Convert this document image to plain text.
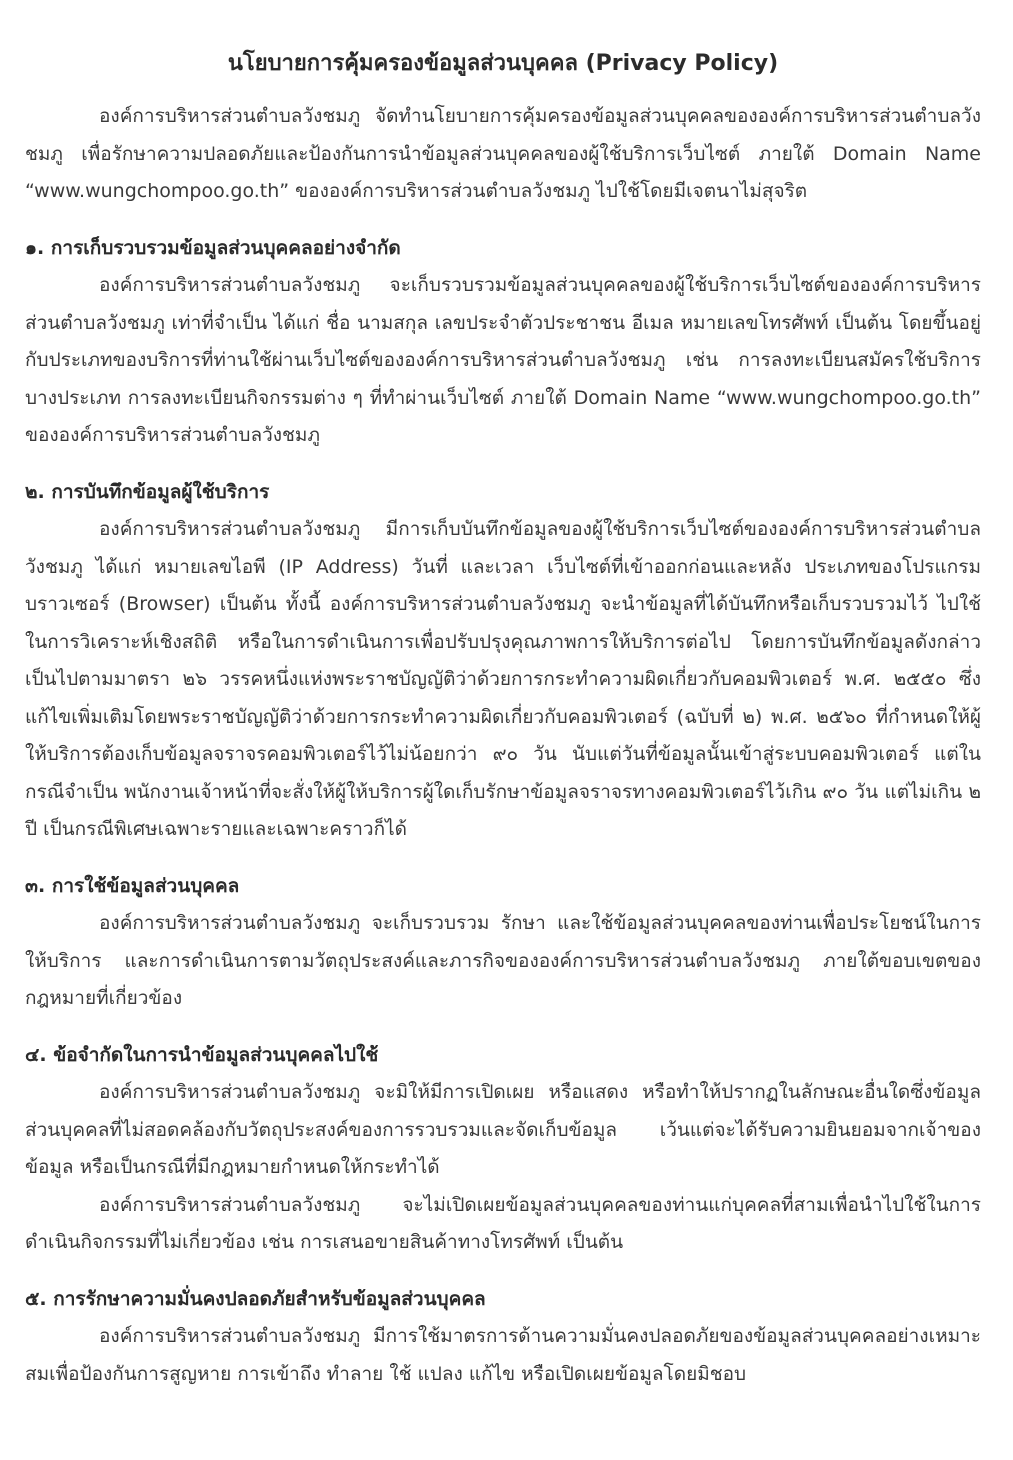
นโยบายการคุ้มครองข้อมูลส่วนบุคคล (Privacy Policy)

องค์การบริหารส่วนตำบลวังชมภู จัดทำนโยบายการคุ้มครองข้อมูลส่วนบุคคลขององค์การบริหารส่วนตำบลวังชมภู เพื่อรักษาความปลอดภัยและป้องกันการนำข้อมูลส่วนบุคคลของผู้ใช้บริการเว็บไซต์ ภายใต้ Domain Name “www.wungchompoo.go.th” ขององค์การบริหารส่วนตำบลวังชมภู ไปใช้โดยมีเจตนาไม่สุจริต

๑. การเก็บรวบรวมข้อมูลส่วนบุคคลอย่างจำกัด

องค์การบริหารส่วนตำบลวังชมภู จะเก็บรวบรวมข้อมูลส่วนบุคคลของผู้ใช้บริการเว็บไซต์ขององค์การบริหารส่วนตำบลวังชมภู เท่าที่จำเป็น ได้แก่ ชื่อ นามสกุล เลขประจำตัวประชาชน อีเมล หมายเลขโทรศัพท์ เป็นต้น โดยขึ้นอยู่กับประเภทของบริการที่ท่านใช้ผ่านเว็บไซต์ขององค์การบริหารส่วนตำบลวังชมภู เช่น การลงทะเบียนสมัครใช้บริการบางประเภท การลงทะเบียนกิจกรรมต่าง ๆ ที่ทำผ่านเว็บไซต์ ภายใต้ Domain Name “www.wungchompoo.go.th” ขององค์การบริหารส่วนตำบลวังชมภู

๒. การบันทึกข้อมูลผู้ใช้บริการ

องค์การบริหารส่วนตำบลวังชมภู มีการเก็บบันทึกข้อมูลของผู้ใช้บริการเว็บไซต์ขององค์การบริหารส่วนตำบลวังชมภู ได้แก่ หมายเลขไอพี (IP Address) วันที่ และเวลา เว็บไซต์ที่เข้าออกก่อนและหลัง ประเภทของโปรแกรมบราวเซอร์ (Browser) เป็นต้น ทั้งนี้ องค์การบริหารส่วนตำบลวังชมภู จะนำข้อมูลที่ได้บันทึกหรือเก็บรวบรวมไว้ ไปใช้ในการวิเคราะห์เชิงสถิติ หรือในการดำเนินการเพื่อปรับปรุงคุณภาพการให้บริการต่อไป โดยการบันทึกข้อมูลดังกล่าวเป็นไปตามมาตรา ๒๖ วรรคหนึ่งแห่งพระราชบัญญัติว่าด้วยการกระทำความผิดเกี่ยวกับคอมพิวเตอร์ พ.ศ. ๒๕๕๐ ซึ่งแก้ไขเพิ่มเติมโดยพระราชบัญญัติว่าด้วยการกระทำความผิดเกี่ยวกับคอมพิวเตอร์ (ฉบับที่ ๒) พ.ศ. ๒๕๖๐ ที่กำหนดให้ผู้ให้บริการต้องเก็บข้อมูลจราจรคอมพิวเตอร์ไว้ไม่น้อยกว่า ๙๐ วัน นับแต่วันที่ข้อมูลนั้นเข้าสู่ระบบคอมพิวเตอร์ แต่ในกรณีจำเป็น พนักงานเจ้าหน้าที่จะสั่งให้ผู้ให้บริการผู้ใดเก็บรักษาข้อมูลจราจรทางคอมพิวเตอร์ไว้เกิน ๙๐ วัน แต่ไม่เกิน ๒ ปี เป็นกรณีพิเศษเฉพาะรายและเฉพาะคราวก็ได้

๓. การใช้ข้อมูลส่วนบุคคล

องค์การบริหารส่วนตำบลวังชมภู จะเก็บรวบรวม รักษา และใช้ข้อมูลส่วนบุคคลของท่านเพื่อประโยชน์ในการให้บริการ และการดำเนินการตามวัตถุประสงค์และภารกิจขององค์การบริหารส่วนตำบลวังชมภู ภายใต้ขอบเขตของกฎหมายที่เกี่ยวข้อง

๔. ข้อจำกัดในการนำข้อมูลส่วนบุคคลไปใช้

องค์การบริหารส่วนตำบลวังชมภู จะมิให้มีการเปิดเผย หรือแสดง หรือทำให้ปรากฏในลักษณะอื่นใดซึ่งข้อมูลส่วนบุคคลที่ไม่สอดคล้องกับวัตถุประสงค์ของการรวบรวมและจัดเก็บข้อมูล เว้นแต่จะได้รับความยินยอมจากเจ้าของข้อมูล หรือเป็นกรณีที่มีกฎหมายกำหนดให้กระทำได้

องค์การบริหารส่วนตำบลวังชมภู จะไม่เปิดเผยข้อมูลส่วนบุคคลของท่านแก่บุคคลที่สามเพื่อนำไปใช้ในการดำเนินกิจกรรมที่ไม่เกี่ยวข้อง เช่น การเสนอขายสินค้าทางโทรศัพท์ เป็นต้น

๕. การรักษาความมั่นคงปลอดภัยสำหรับข้อมูลส่วนบุคคล

องค์การบริหารส่วนตำบลวังชมภู มีการใช้มาตรการด้านความมั่นคงปลอดภัยของข้อมูลส่วนบุคคลอย่างเหมาะสมเพื่อป้องกันการสูญหาย การเข้าถึง ทำลาย ใช้ แปลง แก้ไข หรือเปิดเผยข้อมูลโดยมิชอบ
